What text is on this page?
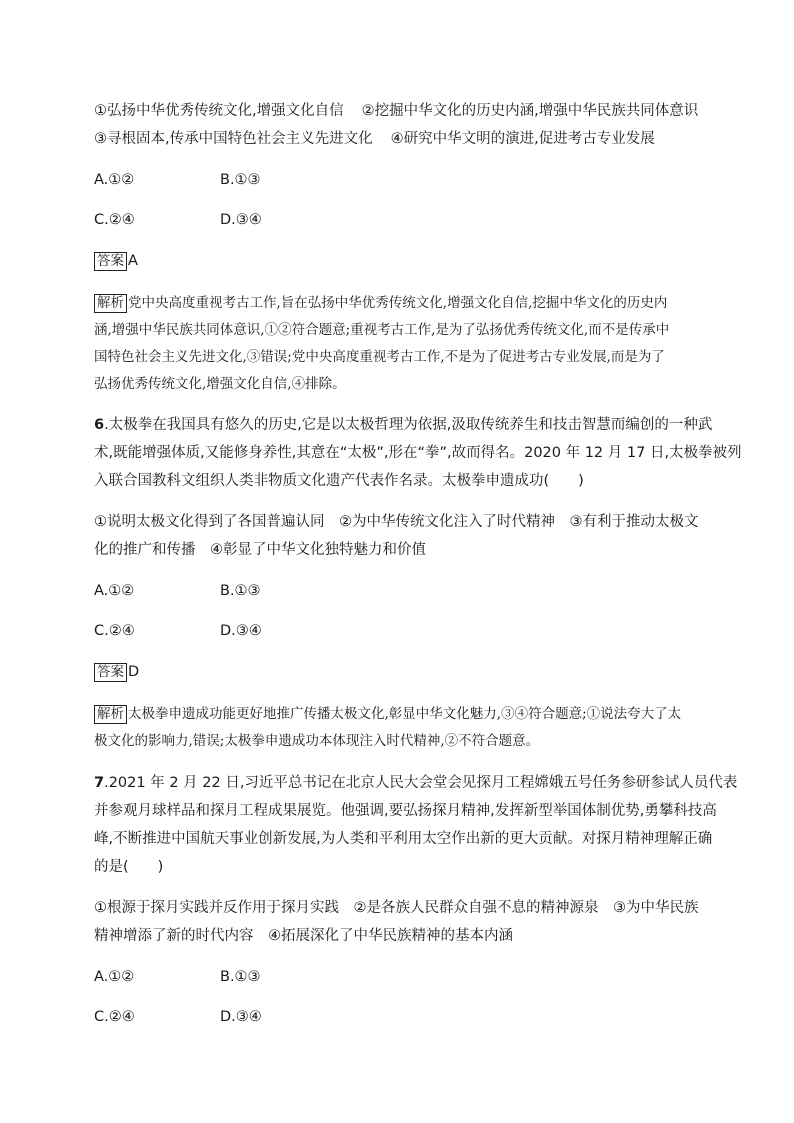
①弘扬中华优秀传统文化,增强文化自信 ②挖掘中华文化的历史内涵,增强中华民族共同体意识
③寻根固本,传承中国特色社会主义先进文化 ④研究中华文明的演进,促进考古专业发展
A.①②	B.①③
C.②④	D.③④
答案 A
解析 党中央高度重视考古工作,旨在弘扬中华优秀传统文化,增强文化自信,挖掘中华文化的历史内
涵,增强中华民族共同体意识,①②符合题意;重视考古工作,是为了弘扬优秀传统文化,而不是传承中
国特色社会主义先进文化,③错误;党中央高度重视考古工作,不是为了促进考古专业发展,而是为了
弘扬优秀传统文化,增强文化自信,④排除。
6.太极拳在我国具有悠久的历史,它是以太极哲理为依据,汲取传统养生和技击智慧而编创的一种武
术,既能增强体质,又能修身养性,其意在“太极”,形在“拳”,故而得名。2020 年 12 月 17 日,太极拳被列
入联合国教科文组织人类非物质文化遗产代表作名录。太极拳申遗成功(　　)
①说明太极文化得到了各国普遍认同　②为中华传统文化注入了时代精神　③有利于推动太极文
化的推广和传播　④彰显了中华文化独特魅力和价值
A.①②	B.①③
C.②④	D.③④
答案 D
解析 太极拳申遗成功能更好地推广传播太极文化,彰显中华文化魅力,③④符合题意;①说法夸大了太
极文化的影响力,错误;太极拳申遗成功本体现注入时代精神,②不符合题意。
7.2021 年 2 月 22 日,习近平总书记在北京人民大会堂会见探月工程嫦娥五号任务参研参试人员代表
并参观月球样品和探月工程成果展览。他强调,要弘扬探月精神,发挥新型举国体制优势,勇攀科技高
峰,不断推进中国航天事业创新发展,为人类和平利用太空作出新的更大贡献。对探月精神理解正确
的是(　　)
①根源于探月实践并反作用于探月实践　②是各族人民群众自强不息的精神源泉　③为中华民族
精神增添了新的时代内容　④拓展深化了中华民族精神的基本内涵
A.①②	B.①③
C.②④	D.③④
